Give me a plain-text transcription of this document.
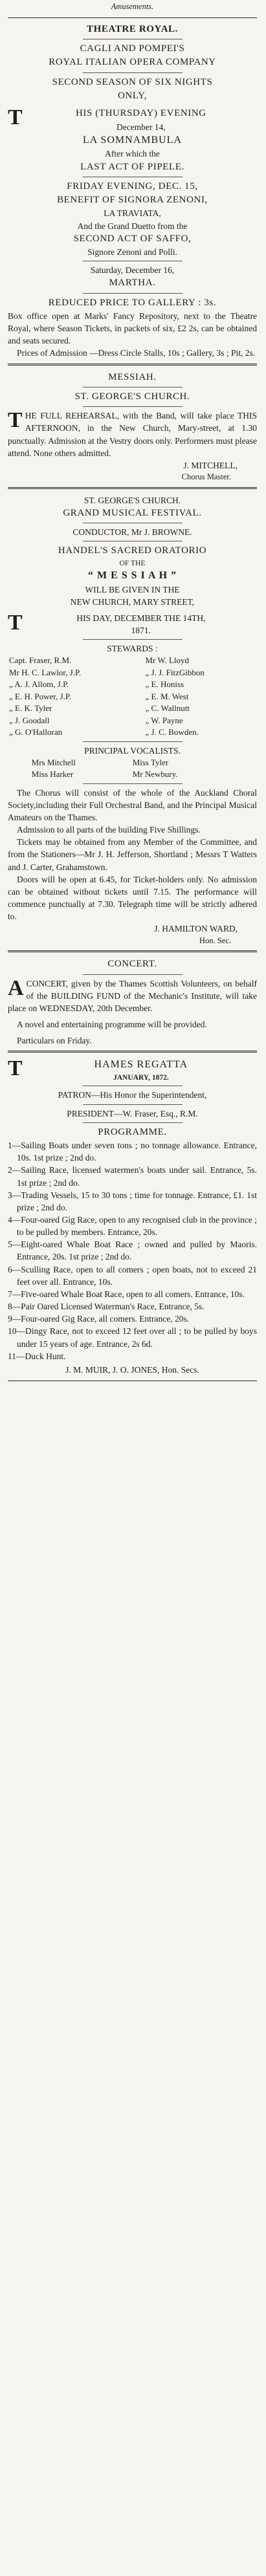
Amusements.
THEATRE ROYAL.
CAGLI AND POMPEI'S
ROYAL ITALIAN OPERA COMPANY
SECOND SEASON OF SIX NIGHTS
ONLY,
T	HIS (THURSDAY) EVENING
December 14,
LA SOMNAMBULA
After which the
LAST ACT OF PIPELE.
FRIDAY EVENING, DEC. 15,
BENEFIT OF SIGNORA ZENONI,
LA TRAVIATA,
And the Grand Duetto from the
SECOND ACT OF SAFFO,
Signore Zenoni and Polli.
Saturday, December 16,
MARTHA.
REDUCED PRICE TO GALLERY : 3s.

Box office open at Marks' Fancy Repository, next to the Theatre Royal, where Season Tickets, in packets of six, £2 2s, can be obtained and seats secured.

Prices of Admission —Dress Circle Stalls, 10s ; Gallery, 3s ; Pit, 2s.

MESSIAH.
ST. GEORGE'S CHURCH.

THE FULL REHEARSAL, with the Band, will take place THIS AFTERNOON, in the New Church, Mary-street, at 1.30 punctually. Admission at the Vestry doors only. Performers must please attend. None others admitted.

J. MITCHELL,
Chorus Master.
ST. GEORGE'S CHURCH.
GRAND MUSICAL FESTIVAL.
CONDUCTOR, Mr J. BROWNE.
HANDEL'S SACRED ORATORIO
OF THE
“ M E S S I A H ”
WILL BE GIVEN IN THE
NEW CHURCH, MARY STREET,
T	HIS DAY, DECEMBER THE 14TH,
1871.
STEWARDS :
Capt. Fraser, R.M.	Mr W. Lloyd
Mr H. C. Lawlor, J.P.	„ J. J. FitzGibbon
„ A. J. Allom, J.P.	„ E. Honiss
„ E. H. Power, J.P.	„ E. M. West
„ E. K. Tyler	„ C. Wallnutt
„ J. Goodall	„ W. Payne
„ G. O'Halloran	„ J. C. Bowden.
PRINCIPAL VOCALISTS.
Mrs Mitchell	Miss Tyler
Miss Harker	Mr Newbury.

The Chorus will consist of the whole of the Auckland Choral Society,including their Full Orchestral Band, and the Principal Musical Amateurs on the Thames.

Admission to all parts of the building Five Shillings.

Tickets may be obtained from any Member of the Committee, and from the Stationers—Mr J. H. Jefferson, Shortland ; Messrs T Watters and J. Carter, Grahamstown.

Doors will be open at 6.45, for Ticket-holders only. No admission can be obtained without tickets until 7.15. The performance will commence punctually at 7.30. Telegraph time will be strictly adhered to.

J. HAMILTON WARD,
Hon. Sec.
CONCERT.

ACONCERT, given by the Thames Scottish Volunteers, on behalf of the BUILDING FUND of the Mechanic's Institute, will take place on WEDNESDAY, 20th December.

A novel and entertaining programme will be provided.

Particulars on Friday.

T	HAMES REGATTA
JANUARY, 1872.
PATRON—His Honor the Superintendent,
PRESIDENT—W. Fraser, Esq., R.M.
PROGRAMME.

1—Sailing Boats under seven tons ; no tonnage allowance. Entrance, 10s. 1st prize ; 2nd do.

2—Sailing Race, licensed watermen's boats under sail. Entrance, 5s. 1st prize ; 2nd do.

3—Trading Vessels, 15 to 30 tons ; time for tonnage. Entrance, £1. 1st prize ; 2nd do.

4—Four-oared Gig Race, open to any recognised club in the province ; to be pulled by members. Entrance, 20s.

5—Eight-oared Whale Boat Race ; owned and pulled by Maoris. Entrance, 20s. 1st prize ; 2nd do.

6—Sculling Race, open to all comers ; open boats, not to exceed 21 feet over all. Entrance, 10s.

7—Five-oared Whale Boat Race, open to all comers. Entrance, 10s.

8—Pair Oared Licensed Waterman's Race, Entrance, 5s.

9—Four-oared Gig Race, all comers. Entrance, 20s.

10—Dingy Race, not to exceed 12 feet over all ; to be pulled by boys under 15 years of age. Entrance, 2s 6d.

11—Duck Hunt.

J. M. MUIR, J. O. JONES, Hon. Secs.
